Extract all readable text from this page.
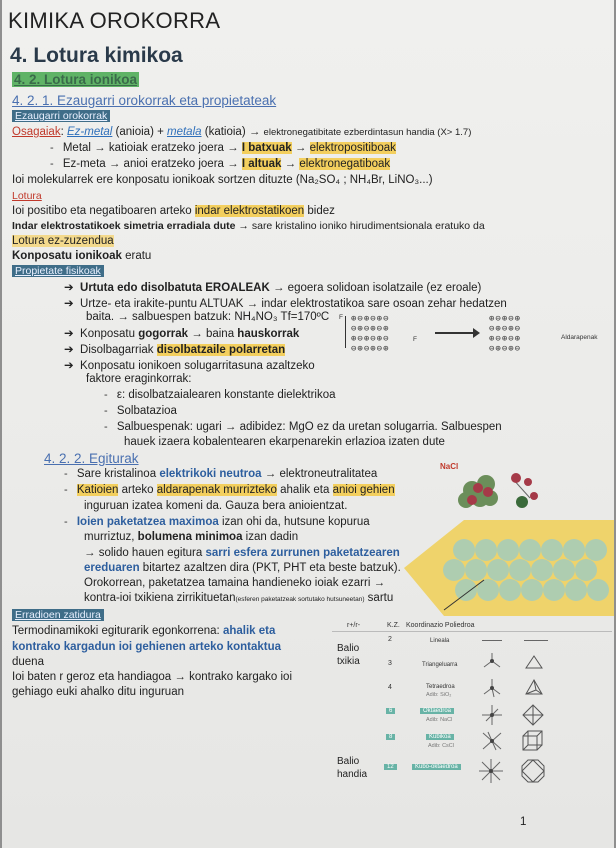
KIMIKA OROKORRA
4. Lotura kimikoa
4. 2. Lotura ionikoa
4. 2. 1. Ezaugarri orokorrak eta propietateak
Ezaugarri orokorrak
Osagaiak: Ez-metal (anioia) + metala (katioia) → elektronegatibitate ezberdintasun handia (X> 1.7)
-   Metal → katioiak eratzeko joera → I batxuak → elektropositiboak
-   Ez-meta → anioi eratzeko joera → I altuak → elektronegatiboak
Ioi molekularrek ere konposatu ionikoak sortzen dituzte (Na₂SO₄ ; NH₄Br, LiNO₃...)
Lotura
Ioi positibo eta negatiboaren arteko indar elektrostatikoen bidez
Indar elektrostatikoek simetria erradiala dute → sare kristalino ioniko hirudimentsionala eratuko da
Lotura ez-zuzendua
Konposatu ionikoak eratu
Propietate fisikoak
➔  Urtuta edo disolbatuta EROALEAK → egoera solidoan isolatzaile (ez eroale)
➔  Urtze- eta irakite-puntu ALTUAK → indar elektrostatikoa sare osoan zehar hedatzen
baita. → salbuespen batzuk: NH₄NO₃ Tf=170ºC
➔  Konposatu gogorrak → baina hauskorrak
➔  Disolbagarriak disolbatzaile polarretan
➔  Konposatu ionikoen solugarritasuna azaltzeko
faktore eraginkorrak:
-   ε: disolbatzaialearen konstante dielektrikoa
-   Solbatazioa
-   Salbuespenak: ugari → adibidez: MgO ez da uretan solugarria. Salbuespen
hauek izaera kobalentearen ekarpenarekin erlazioa izaten dute
F ⊕⊖⊕⊖⊕⊖
⊖⊕⊖⊕⊖⊕
⊕⊖⊕⊖⊕⊖
⊖⊕⊖⊕⊖⊕
F
⊕⊖⊕⊖⊕
⊖⊕⊖⊕⊖
⊕⊖⊕⊖⊕
⊖⊕⊖⊕⊖
Aldarapenak
4. 2. 2. Egiturak
-   Sare kristalinoa elektrikoki neutroa → elektroneutralitatea
-   Katioien arteko aldarapenak murrizteko ahalik eta anioi gehien
inguruan izatea komeni da. Gauza bera anioientzat.
-   Ioien paketatzea maximoa izan ohi da, hutsune kopurua
murriztuz, bolumena minimoa izan dadin
→ solido hauen egitura sarri esfera zurrunen paketatzearen
ereduaren bitartez azaltzen dira (PKT, PHT eta beste batzuk).
Orokorrean, paketatzea tamaina handieneko ioiak ezarri →
kontra-ioi txikiena zirrikituetan(esferen paketatzeak sortutako hutsuneetan) sartu
NaCl
Erradioen zatidura
Termodinamikoki egiturarik egonkorrena: ahalik eta
kontrako kargadun ioi gehienen arteko kontaktua
duena
Ioi baten r geroz eta handiagoa → kontrako kargako ioi
gehiago euki ahalko ditu inguruan
Balio
txikia
Balio
handia
r+/r-	K.Z. Koordinazio Poliedroa
2	Lineala
3	Triangeluarra
4	Tetraedroa
Adib: SiO₂
6	Oktaedroa
Adib: NaCl
8	Kubikoa
Adib: CsCl
12	Kubo-oktaedroa
1
